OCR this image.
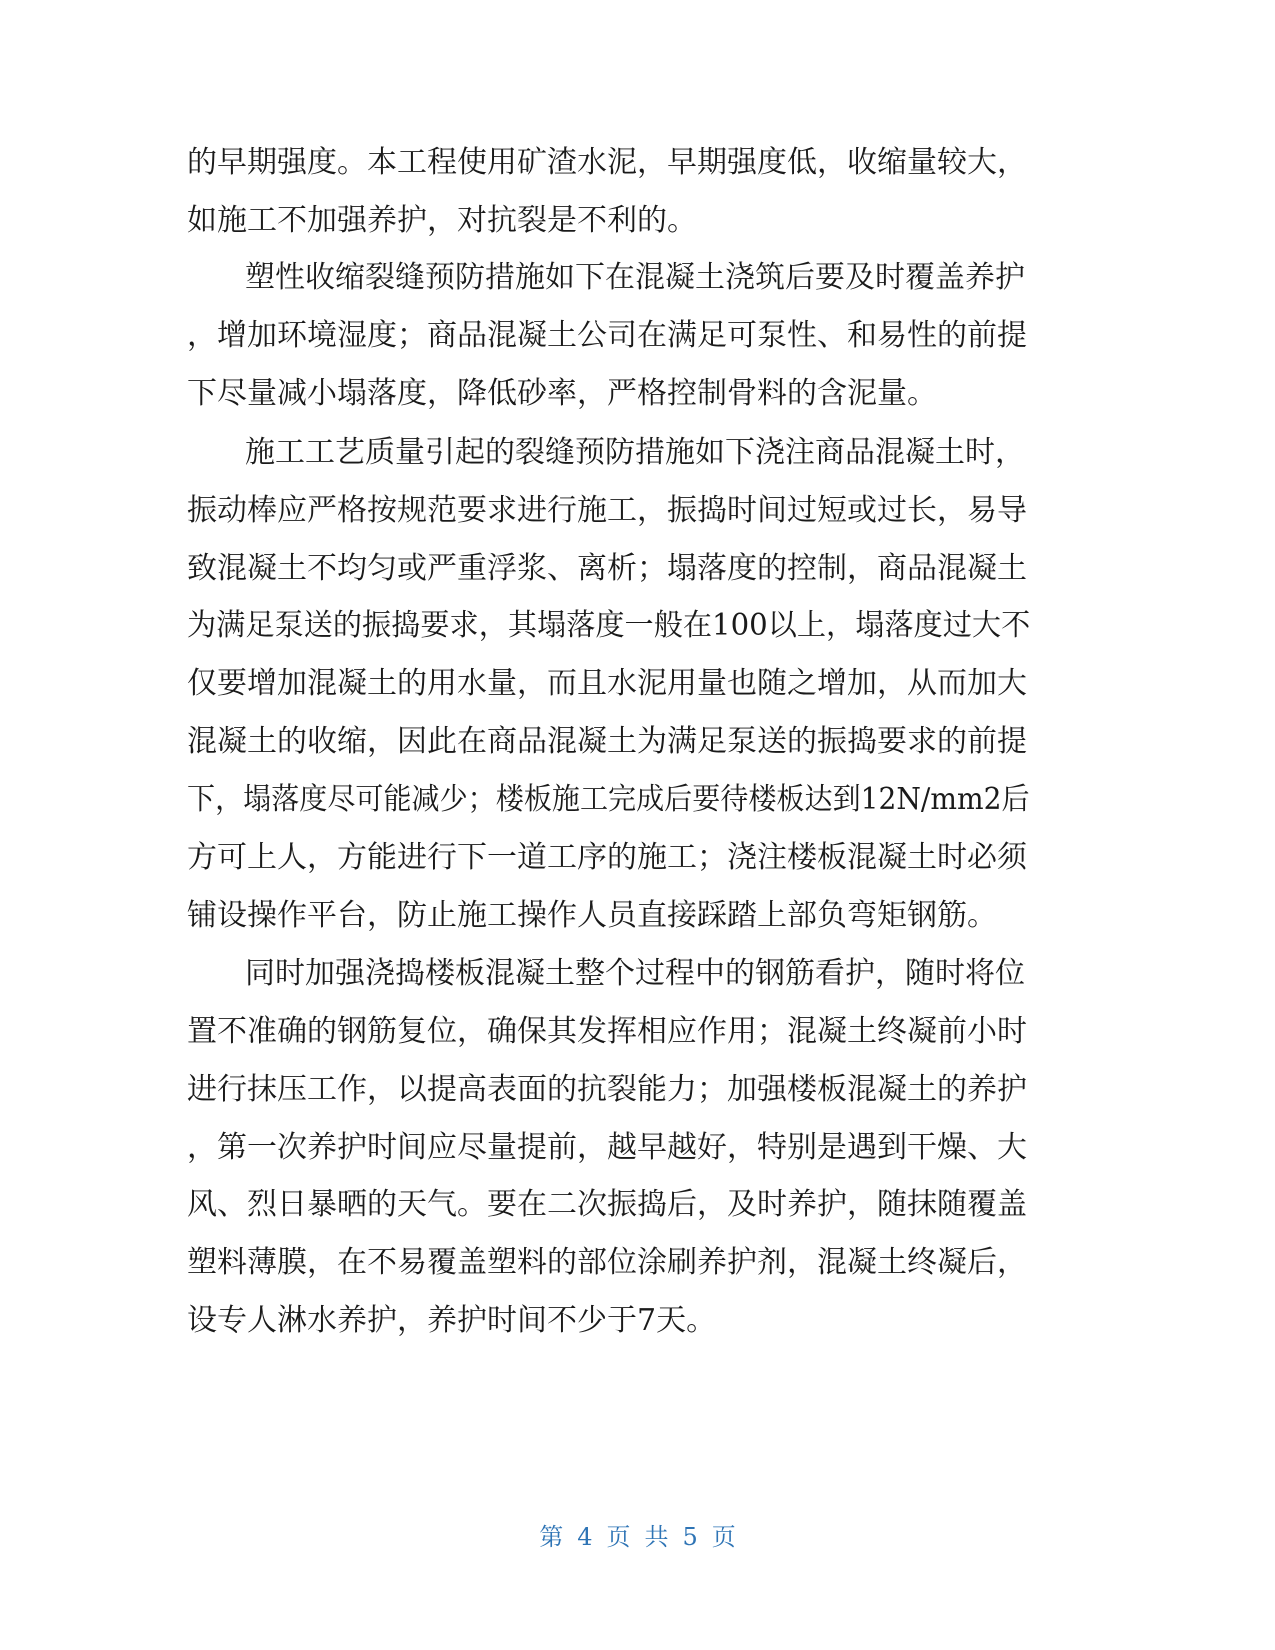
的早期强度。本工程使用矿渣水泥，早期强度低，收缩量较大，
如施工不加强养护，对抗裂是不利的。
塑性收缩裂缝预防措施如下在混凝土浇筑后要及时覆盖养护
，增加环境湿度；商品混凝土公司在满足可泵性、和易性的前提
下尽量减小塌落度，降低砂率，严格控制骨料的含泥量。
施工工艺质量引起的裂缝预防措施如下浇注商品混凝土时，
振动棒应严格按规范要求进行施工，振捣时间过短或过长，易导
致混凝土不均匀或严重浮浆、离析；塌落度的控制，商品混凝土
为满足泵送的振捣要求，其塌落度一般在100以上，塌落度过大不
仅要增加混凝土的用水量，而且水泥用量也随之增加，从而加大
混凝土的收缩，因此在商品混凝土为满足泵送的振捣要求的前提
下，塌落度尽可能减少；楼板施工完成后要待楼板达到12N/mm2后
方可上人，方能进行下一道工序的施工；浇注楼板混凝土时必须
铺设操作平台，防止施工操作人员直接踩踏上部负弯矩钢筋。
同时加强浇捣楼板混凝土整个过程中的钢筋看护，随时将位
置不准确的钢筋复位，确保其发挥相应作用；混凝土终凝前小时
进行抹压工作，以提高表面的抗裂能力；加强楼板混凝土的养护
，第一次养护时间应尽量提前，越早越好，特别是遇到干燥、大
风、烈日暴晒的天气。要在二次振捣后，及时养护，随抹随覆盖
塑料薄膜，在不易覆盖塑料的部位涂刷养护剂，混凝土终凝后，
设专人淋水养护，养护时间不少于7天。
第 4 页 共 5 页
